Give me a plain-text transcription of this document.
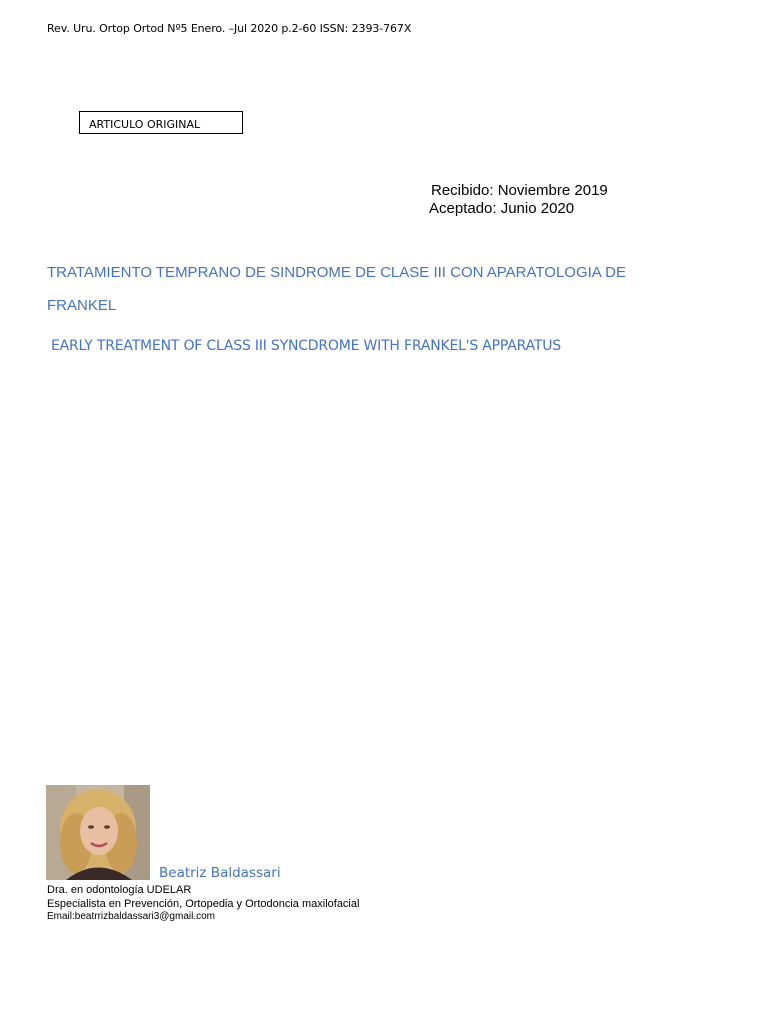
Rev. Uru. Ortop Ortod Nº5 Enero. –Jul 2020 p.2-60 ISSN: 2393-767X
ARTICULO ORIGINAL
Recibido: Noviembre 2019
Aceptado: Junio 2020
TRATAMIENTO TEMPRANO DE SINDROME DE CLASE III CON APARATOLOGIA DE FRANKEL
EARLY TREATMENT OF CLASS III SYNCDROME WITH FRANKEL'S APPARATUS
Beatriz Baldassari
Dra. en odontología UDELAR
Especialista en Prevención, Ortopedia y Ortodoncia maxilofacial
Email:beatrrizbaldassari3@gmail.com
